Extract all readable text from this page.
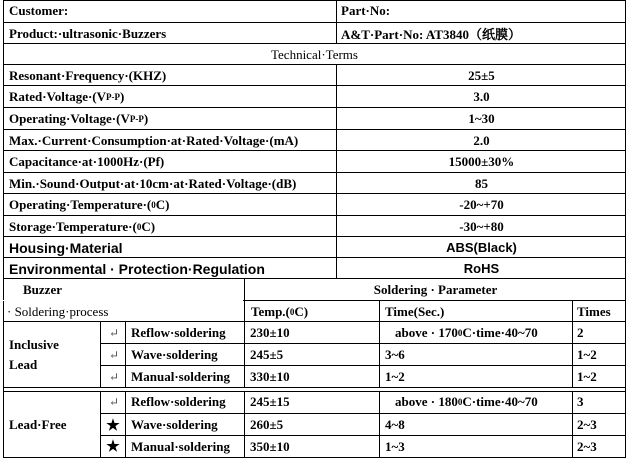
Customer:	Part·No:
Product:·ultrasonic·Buzzers	A&T·Part·No: AT3840（纸膜）
Technical·Terms
Resonant·Frequency·(KHZ)	25±5
Rated·Voltage·(V P-P )	3.0
Operating·Voltage·(V P-P )	1~30
Max.·Current·Consumption·at·Rated·Voltage·(mA)	2.0
Capacitance·at·1000Hz·(Pf)	15000±30%
Min.·Sound·Output·at·10cm·at·Rated·Voltage·(dB)	85
Operating·Temperature·( 0 C)	-20~+70
Storage·Temperature·( 0 C)	-30~+80
Housing·Material	ABS(Black)
Environmental · Protection·Regulation	RoHS
Buzzer	Soldering · Parameter
· Soldering·process	Temp.( 0 C)	Time(Sec.)	Times
Inclusive
Lead
↵ Reflow·soldering	230±10	above · 170 0 C·time·40~70	2
↵ Wave·soldering	245±5	3~6	1~2
↵ Manual·soldering	330±10	1~2	1~2
Lead·Free
↵ Reflow·soldering	245±15	above · 180 0 C·time·40~70	3
★ Wave·soldering	260±5	4~8	2~3
★ Manual·soldering	350±10	1~3	2~3
